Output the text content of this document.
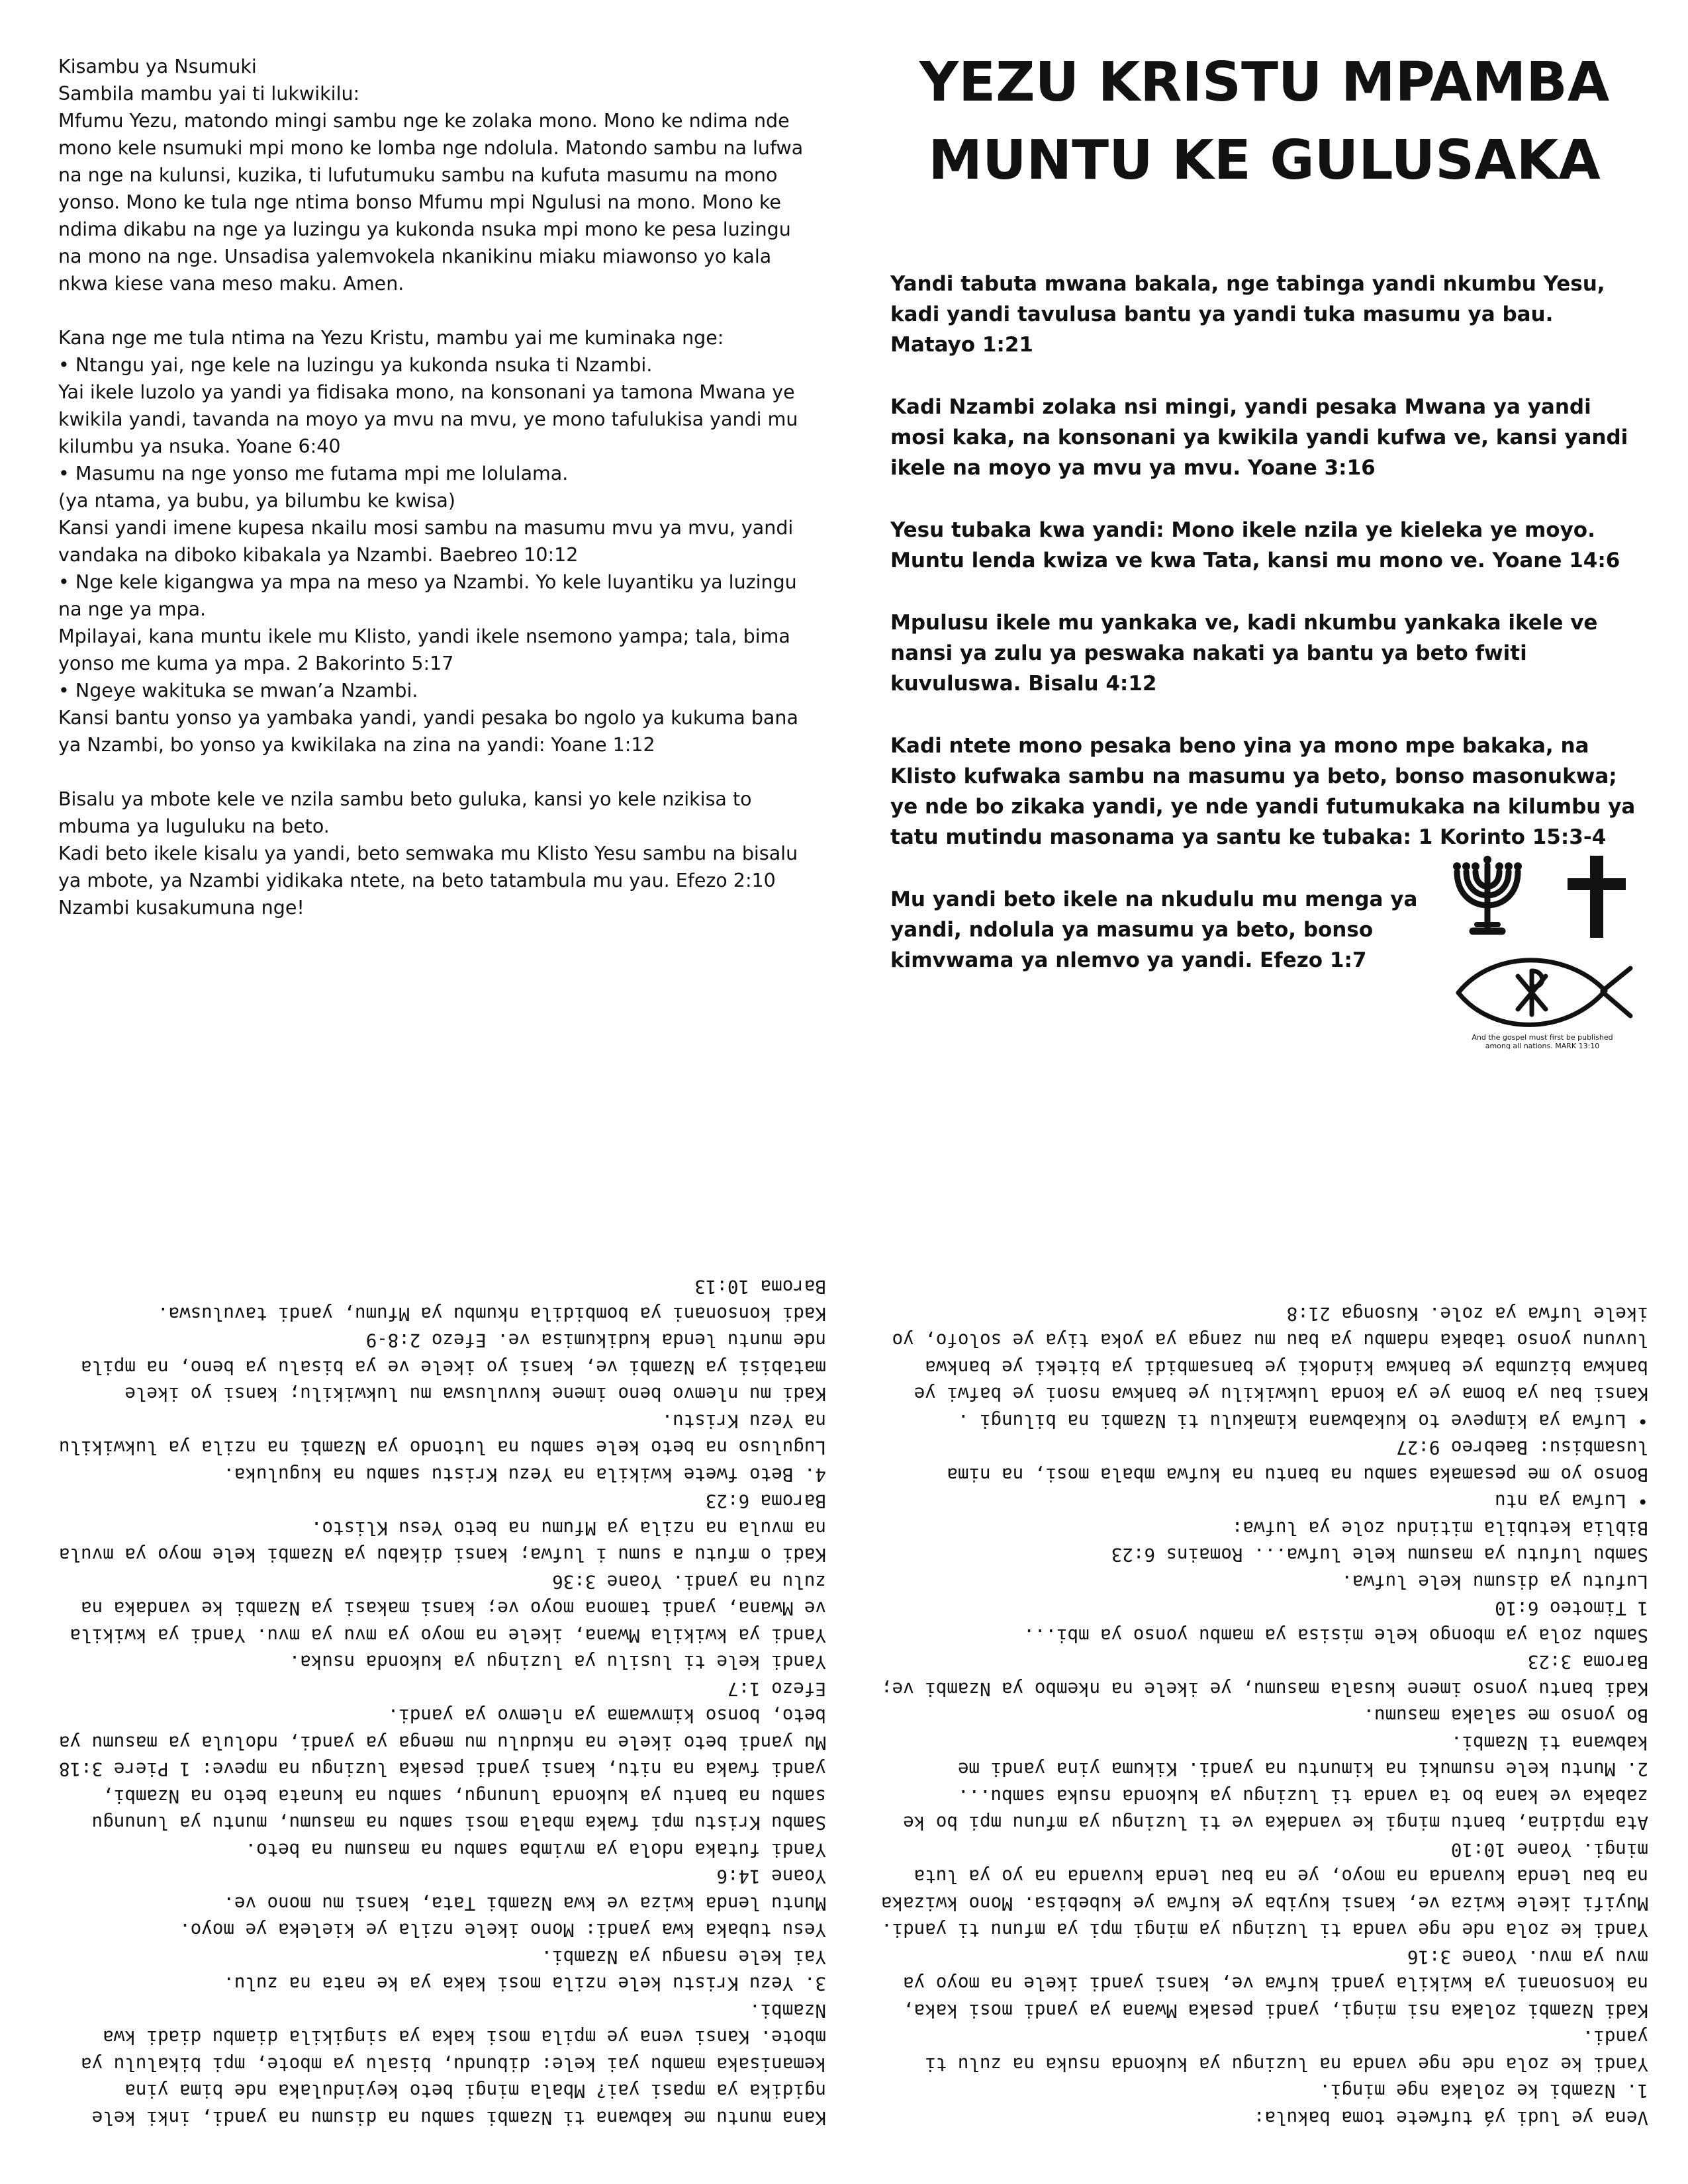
Kisambu ya Nsumuki
Sambila mambu yai ti lukwikilu:
Mfumu Yezu, matondo mingi sambu nge ke zolaka mono. Mono ke ndima nde mono kele nsumuki mpi mono ke lomba nge ndolula. Matondo sambu na lufwa na nge na kulunsi, kuzika, ti lufutumuku sambu na kufuta masumu na mono yonso. Mono ke tula nge ntima bonso Mfumu mpi Ngulusi na mono. Mono ke ndima dikabu na nge ya luzingu ya kukonda nsuka mpi mono ke pesa luzingu na mono na nge. Unsadisa yalemvokela nkanikinu miaku miawonso yo kala nkwa kiese vana meso maku. Amen.

Kana nge me tula ntima na Yezu Kristu, mambu yai me kuminaka nge:
• Ntangu yai, nge kele na luzingu ya kukonda nsuka ti Nzambi.
Yai ikele luzolo ya yandi ya fidisaka mono, na konsonani ya tamona Mwana ye kwikila yandi, tavanda na moyo ya mvu na mvu, ye mono tafulukisa yandi mu kilumbu ya nsuka. Yoane 6:40
• Masumu na nge yonso me futama mpi me lolulama.
(ya ntama, ya bubu, ya bilumbu ke kwisa)
Kansi yandi imene kupesa nkailu mosi sambu na masumu mvu ya mvu, yandi vandaka na diboko kibakala ya Nzambi. Baebreo 10:12
• Nge kele kigangwa ya mpa na meso ya Nzambi. Yo kele luyantiku ya luzingu na nge ya mpa.
Mpilayai, kana muntu ikele mu Klisto, yandi ikele nsemono yampa; tala, bima yonso me kuma ya mpa. 2 Bakorinto 5:17
• Ngeye wakituka se mwan’a Nzambi.
Kansi bantu yonso ya yambaka yandi, yandi pesaka bo ngolo ya kukuma bana ya Nzambi, bo yonso ya kwikilaka na zina na yandi: Yoane 1:12

Bisalu ya mbote kele ve nzila sambu beto guluka, kansi yo kele nzikisa to mbuma ya luguluku na beto.
Kadi beto ikele kisalu ya yandi, beto semwaka mu Klisto Yesu sambu na bisalu ya mbote, ya Nzambi yidikaka ntete, na beto tatambula mu yau. Efezo 2:10
Nzambi kusakumuna nge!

YEZU KRISTU MPAMBA
MUNTU KE GULUSAKA

Yandi tabuta mwana bakala, nge tabinga yandi nkumbu Yesu, kadi yandi tavulusa bantu ya yandi tuka masumu ya bau. Matayo 1:21

Kadi Nzambi zolaka nsi mingi, yandi pesaka Mwana ya yandi mosi kaka, na konsonani ya kwikila yandi kufwa ve, kansi yandi ikele na moyo ya mvu ya mvu. Yoane 3:16

Yesu tubaka kwa yandi: Mono ikele nzila ye kieleka ye moyo. Muntu lenda kwiza ve kwa Tata, kansi mu mono ve. Yoane 14:6

Mpulusu ikele mu yankaka ve, kadi nkumbu yankaka ikele ve nansi ya zulu ya peswaka nakati ya bantu ya beto fwiti kuvuluswa. Bisalu 4:12

Kadi ntete mono pesaka beno yina ya mono mpe bakaka, na Klisto kufwaka sambu na masumu ya beto, bonso masonukwa; ye nde bo zikaka yandi, ye nde yandi futumukaka na kilumbu ya tatu mutindu masonama ya santu ke tubaka: 1 Korinto 15:3-4

Mu yandi beto ikele na nkudulu mu menga ya yandi, ndolula ya masumu ya beto, bonso kimvwama ya nlemvo ya yandi. Efezo 1:7

And the gospel must first be published
among all nations. MARK 13:10

Kana muntu me kabwana ti Nzambi sambu na disumu na yandi, inki kele ngidika ya mpasi yai? Mbala mingi beto keyindulaka nde bima yina kemanisaka mambu yai kele: dibundu, bisalu ya mbote, mpi bikalulu ya mbote. Kansi vena ye mpila mosi kaka ya singikila diambu diadi kwa Nzambi.
3. Yezu Kristu kele nzila mosi kaka ya ke nata na zulu.
Yai kele nsangu ya Nzambi.
Yesu tubaka kwa yandi: Mono ikele nzila ye kieleka ye moyo.
Muntu lenda kwiza ve kwa Nzambi Tata, kansi mu mono ve.
Yoane 14:6
Yandi futaka ndola ya mvimba sambu na masumu na beto.
Sambu Kristu mpi fwaka mbala mosi sambu na masumu, muntu ya lunungu sambu na bantu ya kukonda lunungu, sambu na kunata beto na Nzambi, yandi fwaka na nitu, kansi yandi pesaka luzingu na mpeve: 1 Piere 3:18
Mu yandi beto ikele na nkudulu mu menga ya yandi, ndolula ya masumu ya beto, bonso kimvwama ya nlemvo ya yandi.
Efezo 1:7
Yandi kele ti lusilu ya luzingu ya kukonda nsuka.
Yandi ya kwikila Mwana, ikele na moyo ya mvu ya mvu. Yandi ya kwikila ve Mwana, yandi tamona moyo ve; kansi makasi ya Nzambi ke vandaka na zulu na yandi. Yoane 3:36
Kadi o mfutu a sumu i lufwa; kansi dikabu ya Nzambi kele moyo ya mvula na mvula na nzila ya Mfumu na beto Yesu Klisto.
Baroma 6:23
4. Beto fwete kwikila na Yezu Kristu sambu na kuguluka.
Luguluso na beto kele sambu na lutondo ya Nzambi na nzila ya lukwikilu na Yezu Kristu.
Kadi mu nlemvo beno imene kuvuluswa mu lukwikilu; kansi yo ikele matabisi ya Nzambi ve, kansi yo ikele ve ya bisalu ya beno, na mpila nde muntu lenda kudikumisa ve. Efezo 2:8-9
Kadi konsonani ya bombidila nkumbu ya Mfumu, yandi tavuluswa.
Baroma 10:13

Vena ye ludi yá tufwete toma bakula:
1. Nzambi ke zolaka nge mingi.
Yandi ke zola nde nge vanda na luzingu ya kukonda nsuka na zulu ti yandi.
Kadi Nzambi zolaka nsi mingi, yandi pesaka Mwana ya yandi mosi kaka, na konsonani ya kwikila yandi kufwa ve, kansi yandi ikele na moyo ya mvu ya mvu. Yoane 3:16
Yandi ke zola nde nge vanda ti luzingu ya mingi mpi ya mfunu ti yandi.
Muyifi ikele kwiza ve, kansi kuyiba ye kufwa ye kubebisa. Mono kwizaka na bau lenda kuvanda na moyo, ye na bau lenda kuvanda na yo ya luta mingi. Yoane 10:10
Ata mpidina, bantu mingi ke vandaka ve ti luzingu ya mfunu mpi bo ke zabaka ve kana bo ta vanda ti luzingu ya kukonda nsuka sambu...
2. Muntu kele nsumuki na kimuntu na yandi. Kikuma yina yandi me kabwana ti Nzambi.
Bo yonso me salaka masumu.
Kadi bantu yonso imene kusala masumu, ye ikele na nkembo ya Nzambi ve; Baroma 3:23
Sambu zola ya mbongo kele misisa ya mambu yonso ya mbi...
1 Timoteo 6:10
Lufutu ya disumu kele lufwa.
Sambu lufutu ya masumu kele lufwa... Romains 6:23
Biblia ketubila mitindu zole ya lufwa:
• Lufwa ya ntu
Bonso yo me pesamaka sambu na bantu na kufwa mbala mosi, na nima lusambisu: Baebreo 9:27
• Lufwa ya kimpeve to kukabwana kimakulu ti Nzambi na bilungi .
Kansi bau ya boma ye ya konda lukwikilu ye bankwa nsoni ye bafwi ye bankwa bizumba ye bankwa kindoki ye bansambidi ya biteki ye bankwa luvunu yonso tabaka ndambu ya bau mu zanga ya yoka tiya ye solofo, yo ikele lufwa ya zole. Kusonga 21:8
